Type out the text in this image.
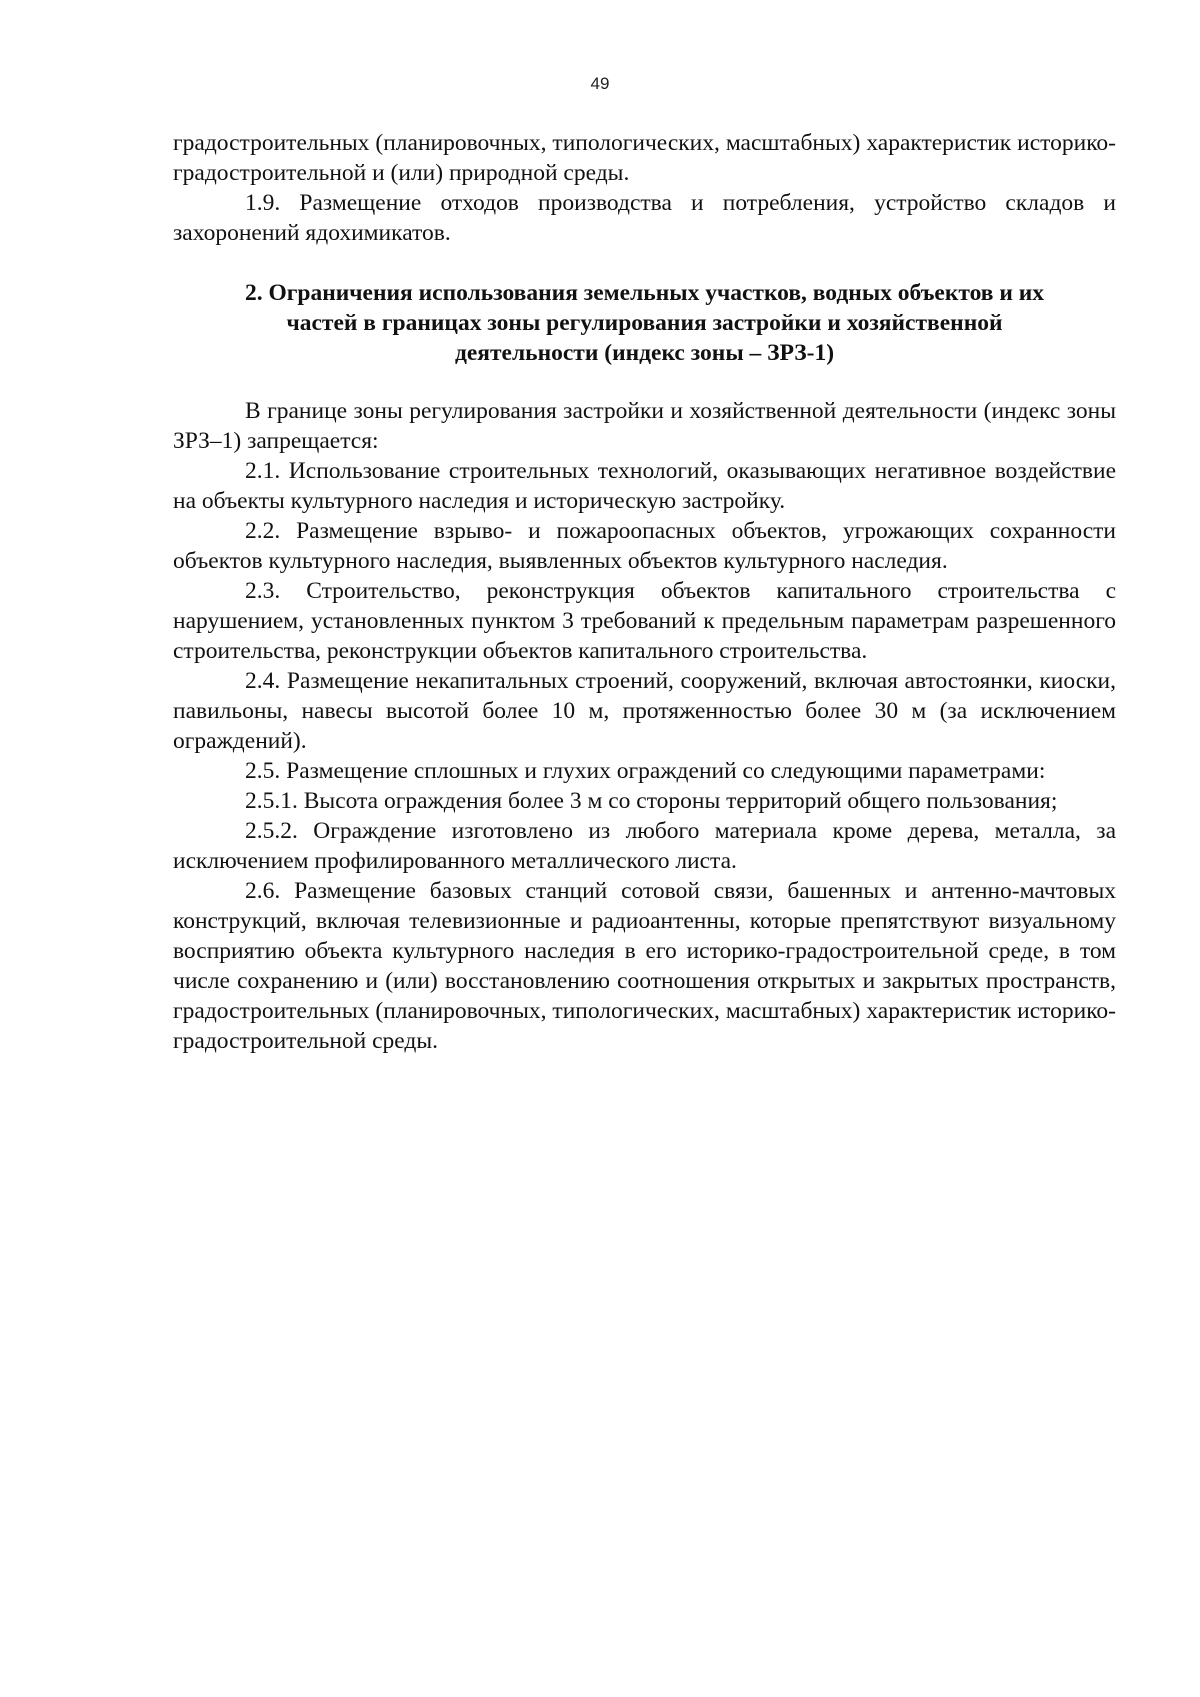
49

градостроительных (планировочных, типологических, масштабных) характеристик историко-градостроительной и (или) природной среды.

1.9. Размещение отходов производства и потребления, устройство складов и захоронений ядохимикатов.

2. Ограничения использования земельных участков, водных объектов и их
частей в границах зоны регулирования застройки и хозяйственной
деятельности (индекс зоны – ЗРЗ-1)

В границе зоны регулирования застройки и хозяйственной деятельности (индекс зоны ЗРЗ–1) запрещается:

2.1. Использование строительных технологий, оказывающих негативное воздействие на объекты культурного наследия и историческую застройку.

2.2. Размещение взрыво- и пожароопасных объектов, угрожающих сохранности объектов культурного наследия, выявленных объектов культурного наследия.

2.3. Строительство, реконструкция объектов капитального строительства с нарушением, установленных пунктом 3 требований к предельным параметрам разрешенного строительства, реконструкции объектов капитального строительства.

2.4. Размещение некапитальных строений, сооружений, включая автостоянки, киоски, павильоны, навесы высотой более 10 м, протяженностью более 30 м (за исключением ограждений).

2.5. Размещение сплошных и глухих ограждений со следующими параметрами:

2.5.1. Высота ограждения более 3 м со стороны территорий общего пользования;

2.5.2. Ограждение изготовлено из любого материала кроме дерева, металла, за исключением профилированного металлического листа.

2.6. Размещение базовых станций сотовой связи, башенных и антенно-мачтовых конструкций, включая телевизионные и радиоантенны, которые препятствуют визуальному восприятию объекта культурного наследия в его историко-градостроительной среде, в том числе сохранению и (или) восстановлению соотношения открытых и закрытых пространств, градостроительных (планировочных, типологических, масштабных) характеристик историко-градостроительной среды.
